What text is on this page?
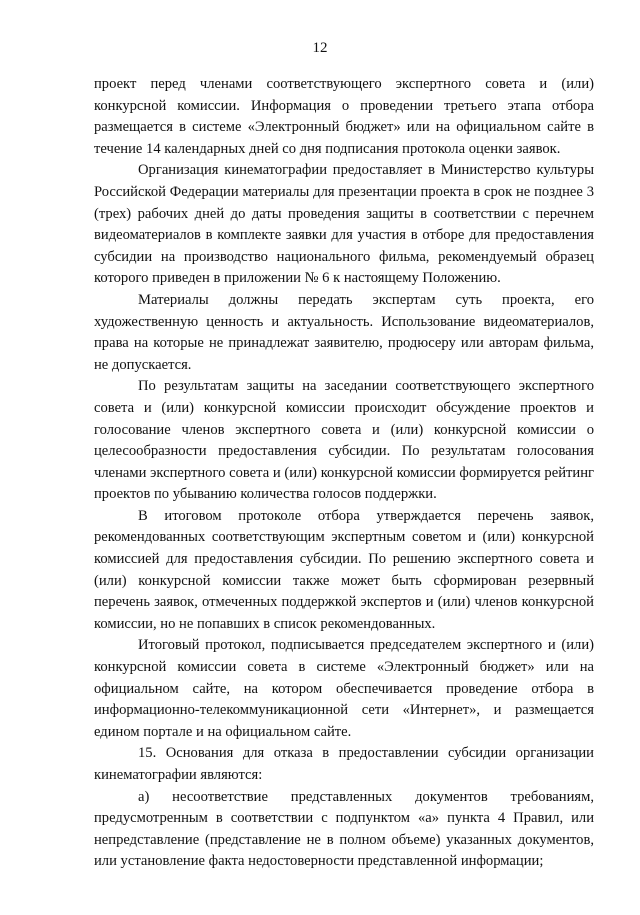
12

проект перед членами соответствующего экспертного совета и (или) конкурсной комиссии. Информация о проведении третьего этапа отбора размещается в системе «Электронный бюджет» или на официальном сайте в течение 14 календарных дней со дня подписания протокола оценки заявок.

Организация кинематографии предоставляет в Министерство культуры Российской Федерации материалы для презентации проекта в срок не позднее 3 (трех) рабочих дней до даты проведения защиты в соответствии с перечнем видеоматериалов в комплекте заявки для участия в отборе для предоставления субсидии на производство национального фильма, рекомендуемый образец которого приведен в приложении № 6 к настоящему Положению.

Материалы должны передать экспертам суть проекта, его художественную ценность и актуальность. Использование видеоматериалов, права на которые не принадлежат заявителю, продюсеру или авторам фильма, не допускается.

По результатам защиты на заседании соответствующего экспертного совета и (или) конкурсной комиссии происходит обсуждение проектов и голосование членов экспертного совета и (или) конкурсной комиссии о целесообразности предоставления субсидии. По результатам голосования членами экспертного совета и (или) конкурсной комиссии формируется рейтинг проектов по убыванию количества голосов поддержки.

В итоговом протоколе отбора утверждается перечень заявок, рекомендованных соответствующим экспертным советом и (или) конкурсной комиссией для предоставления субсидии. По решению экспертного совета и (или) конкурсной комиссии также может быть сформирован резервный перечень заявок, отмеченных поддержкой экспертов и (или) членов конкурсной комиссии, но не попавших в список рекомендованных.

Итоговый протокол, подписывается председателем экспертного и (или) конкурсной комиссии совета в системе «Электронный бюджет» или на официальном сайте, на котором обеспечивается проведение отбора в информационно-телекоммуникационной сети «Интернет», и размещается едином портале и на официальном сайте.

15. Основания для отказа в предоставлении субсидии организации кинематографии являются:

а) несоответствие представленных документов требованиям, предусмотренным в соответствии с подпунктом «а» пункта 4 Правил, или непредставление (представление не в полном объеме) указанных документов, или установление факта недостоверности представленной информации;
